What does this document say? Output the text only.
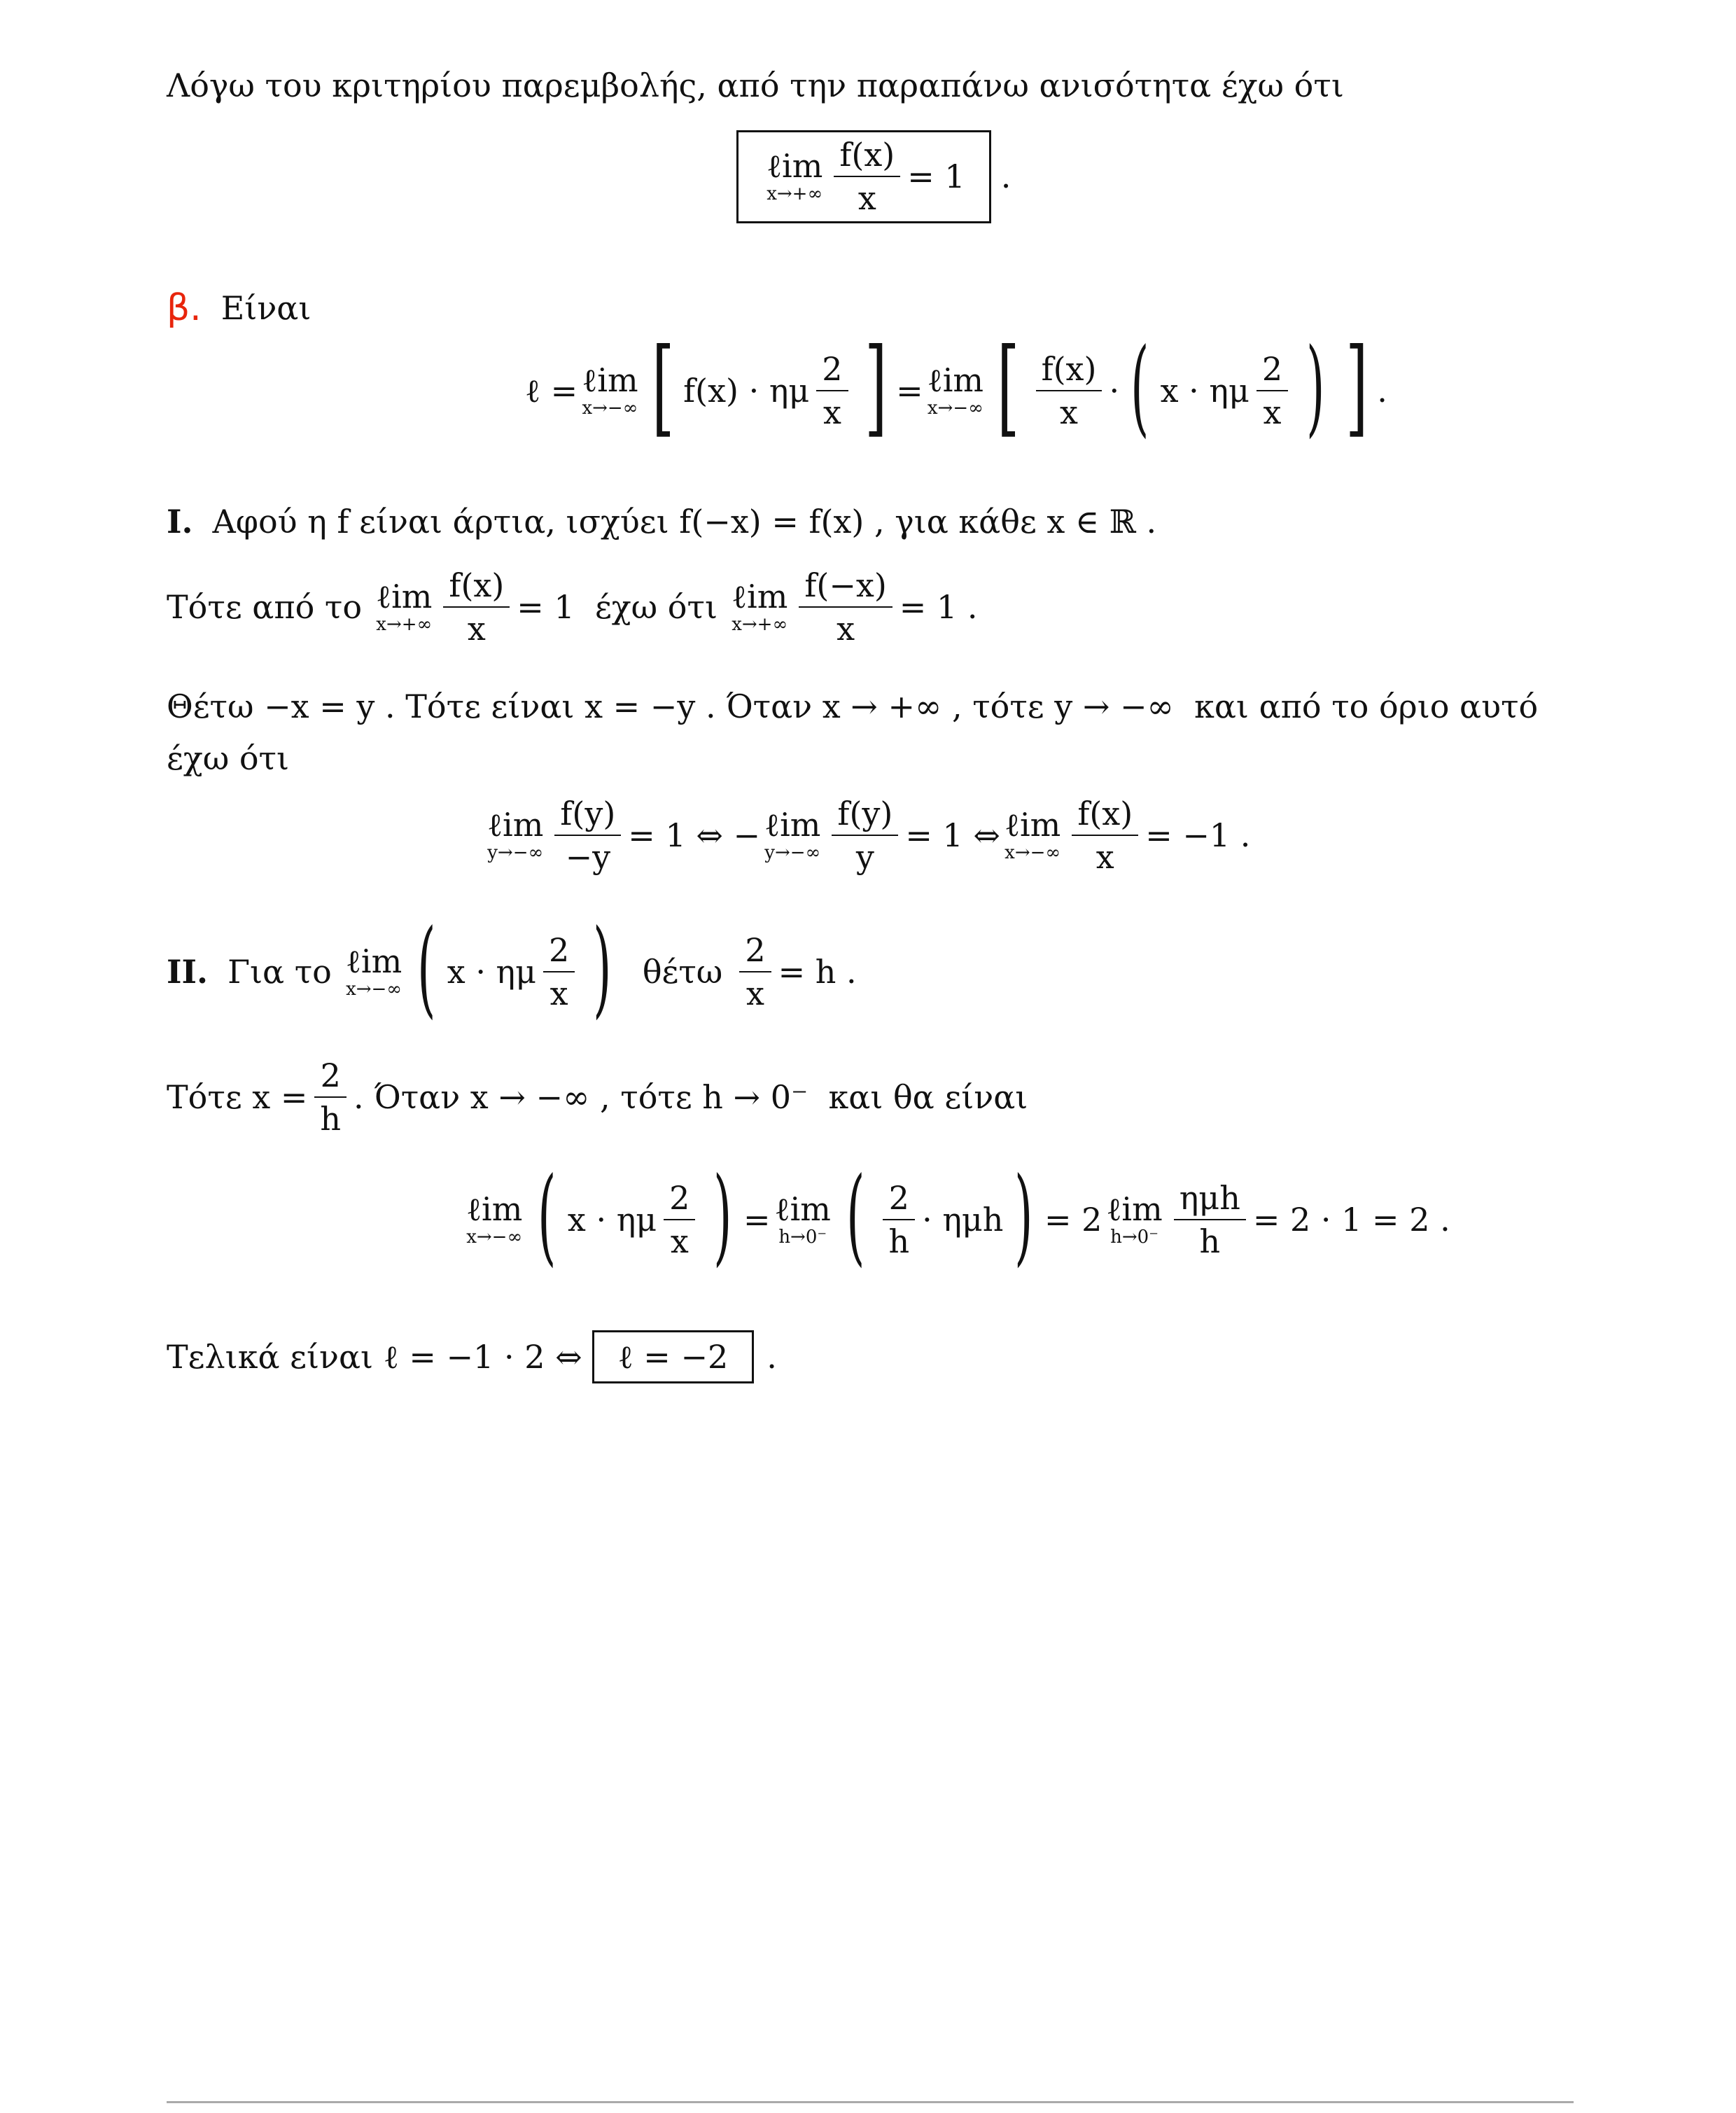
Λόγω του κριτηρίου παρεμβολής, από την παραπάνω ανισότητα έχω ότι
ℓim
$x\to+\infty \frac{f(x)}{x} = 1$ .
β. Είναι
ℓ = ℓim
x→−∞ [ f(x) · ημ $\frac{2}{x}$ ] = ℓim
x→−∞ [ $\frac{f(x)}{x}$ · ( x · ημ $\frac{2}{x}$ ) ] .
I. Αφού η f είναι άρτια, ισχύει f(−x) = f(x) , για κάθε x ∈ ℝ .
Τότε από το ℓim
$x\to+\infty \frac{f(x)}{x} = 1$  έχω ότι ℓim
$x\to+\infty \frac{f(-x)}{x} = 1$ .
Θέτω −x = y . Τότε είναι x = −y . Όταν x → +∞ , τότε y → −∞  και από το όριο αυτό
έχω ότι
ℓim
$y\to-\infty \frac{f(y)}{-y} = 1$ ⇔ − ℓim
$y\to-\infty \frac{f(y)}{y} = 1$ ⇔ ℓim
$x\to-\infty \frac{f(x)}{x} = -1$ .
II. Για το ℓim
x→−∞ ( x · ημ $\frac{2}{x}$ ) θέτω $\frac{2}{x} = h$ .
Τότε $x = \frac{2}{h}$ . Όταν x → −∞ , τότε h → 0⁻  και θα είναι
ℓim
x→−∞ ( x · ημ $\frac{2}{x}$ ) = ℓim
h→0⁻ ( $\frac{2}{h} \cdot \eta\mu h$ ) = 2 ℓim
$h\to 0^- \frac{\text{ημh}}{h} = 2 \cdot 1 = 2$ .
Τελικά είναι ℓ = −1 · 2 ⇔	ℓ = −2	.
